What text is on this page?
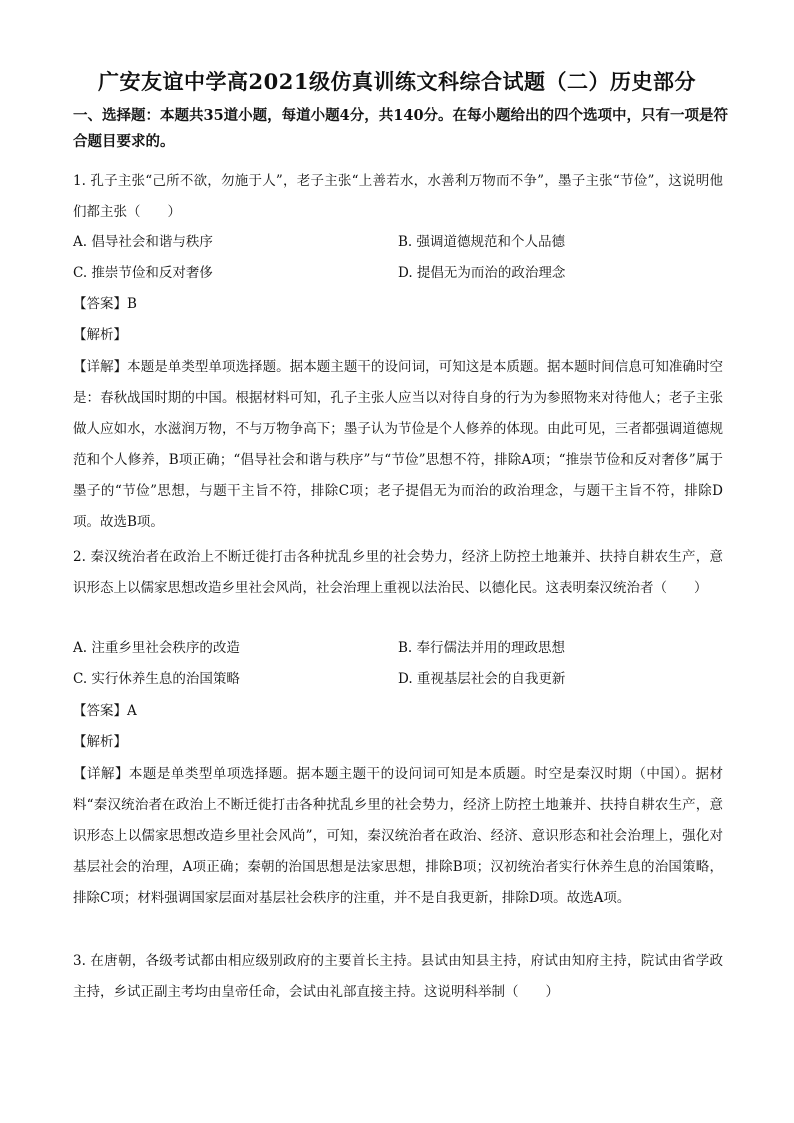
广安友谊中学高2021级仿真训练文科综合试题（二）历史部分
一、选择题：本题共35道小题，每道小题4分，共140分。在每小题给出的四个选项中，只有一项是符合题目要求的。
1. 孔子主张“己所不欲，勿施于人”，老子主张“上善若水，水善利万物而不争”，墨子主张“节俭”，这说明他们都主张（　　）
A. 倡导社会和谐与秩序	B. 强调道德规范和个人品德
C. 推崇节俭和反对奢侈	D. 提倡无为而治的政治理念
【答案】B
【解析】
【详解】本题是单类型单项选择题。据本题主题干的设问词，可知这是本质题。据本题时间信息可知准确时空是：春秋战国时期的中国。根据材料可知，孔子主张人应当以对待自身的行为为参照物来对待他人；老子主张做人应如水，水滋润万物，不与万物争高下；墨子认为节俭是个人修养的体现。由此可见，三者都强调道德规范和个人修养，B项正确；“倡导社会和谐与秩序”与“节俭”思想不符，排除A项；“推崇节俭和反对奢侈”属于墨子的“节俭”思想，与题干主旨不符，排除C项；老子提倡无为而治的政治理念，与题干主旨不符，排除D项。故选B项。
2. 秦汉统治者在政治上不断迁徙打击各种扰乱乡里的社会势力，经济上防控土地兼并、扶持自耕农生产，意识形态上以儒家思想改造乡里社会风尚，社会治理上重视以法治民、以德化民。这表明秦汉统治者（　　）
A. 注重乡里社会秩序的改造	B. 奉行儒法并用的理政思想
C. 实行休养生息的治国策略	D. 重视基层社会的自我更新
【答案】A
【解析】
【详解】本题是单类型单项选择题。据本题主题干的设问词可知是本质题。时空是秦汉时期（中国）。据材料“秦汉统治者在政治上不断迁徙打击各种扰乱乡里的社会势力，经济上防控土地兼并、扶持自耕农生产，意识形态上以儒家思想改造乡里社会风尚”，可知，秦汉统治者在政治、经济、意识形态和社会治理上，强化对基层社会的治理，A项正确；秦朝的治国思想是法家思想，排除B项；汉初统治者实行休养生息的治国策略，排除C项；材料强调国家层面对基层社会秩序的注重，并不是自我更新，排除D项。故选A项。
3. 在唐朝，各级考试都由相应级别政府的主要首长主持。县试由知县主持，府试由知府主持，院试由省学政主持，乡试正副主考均由皇帝任命，会试由礼部直接主持。这说明科举制（　　）
